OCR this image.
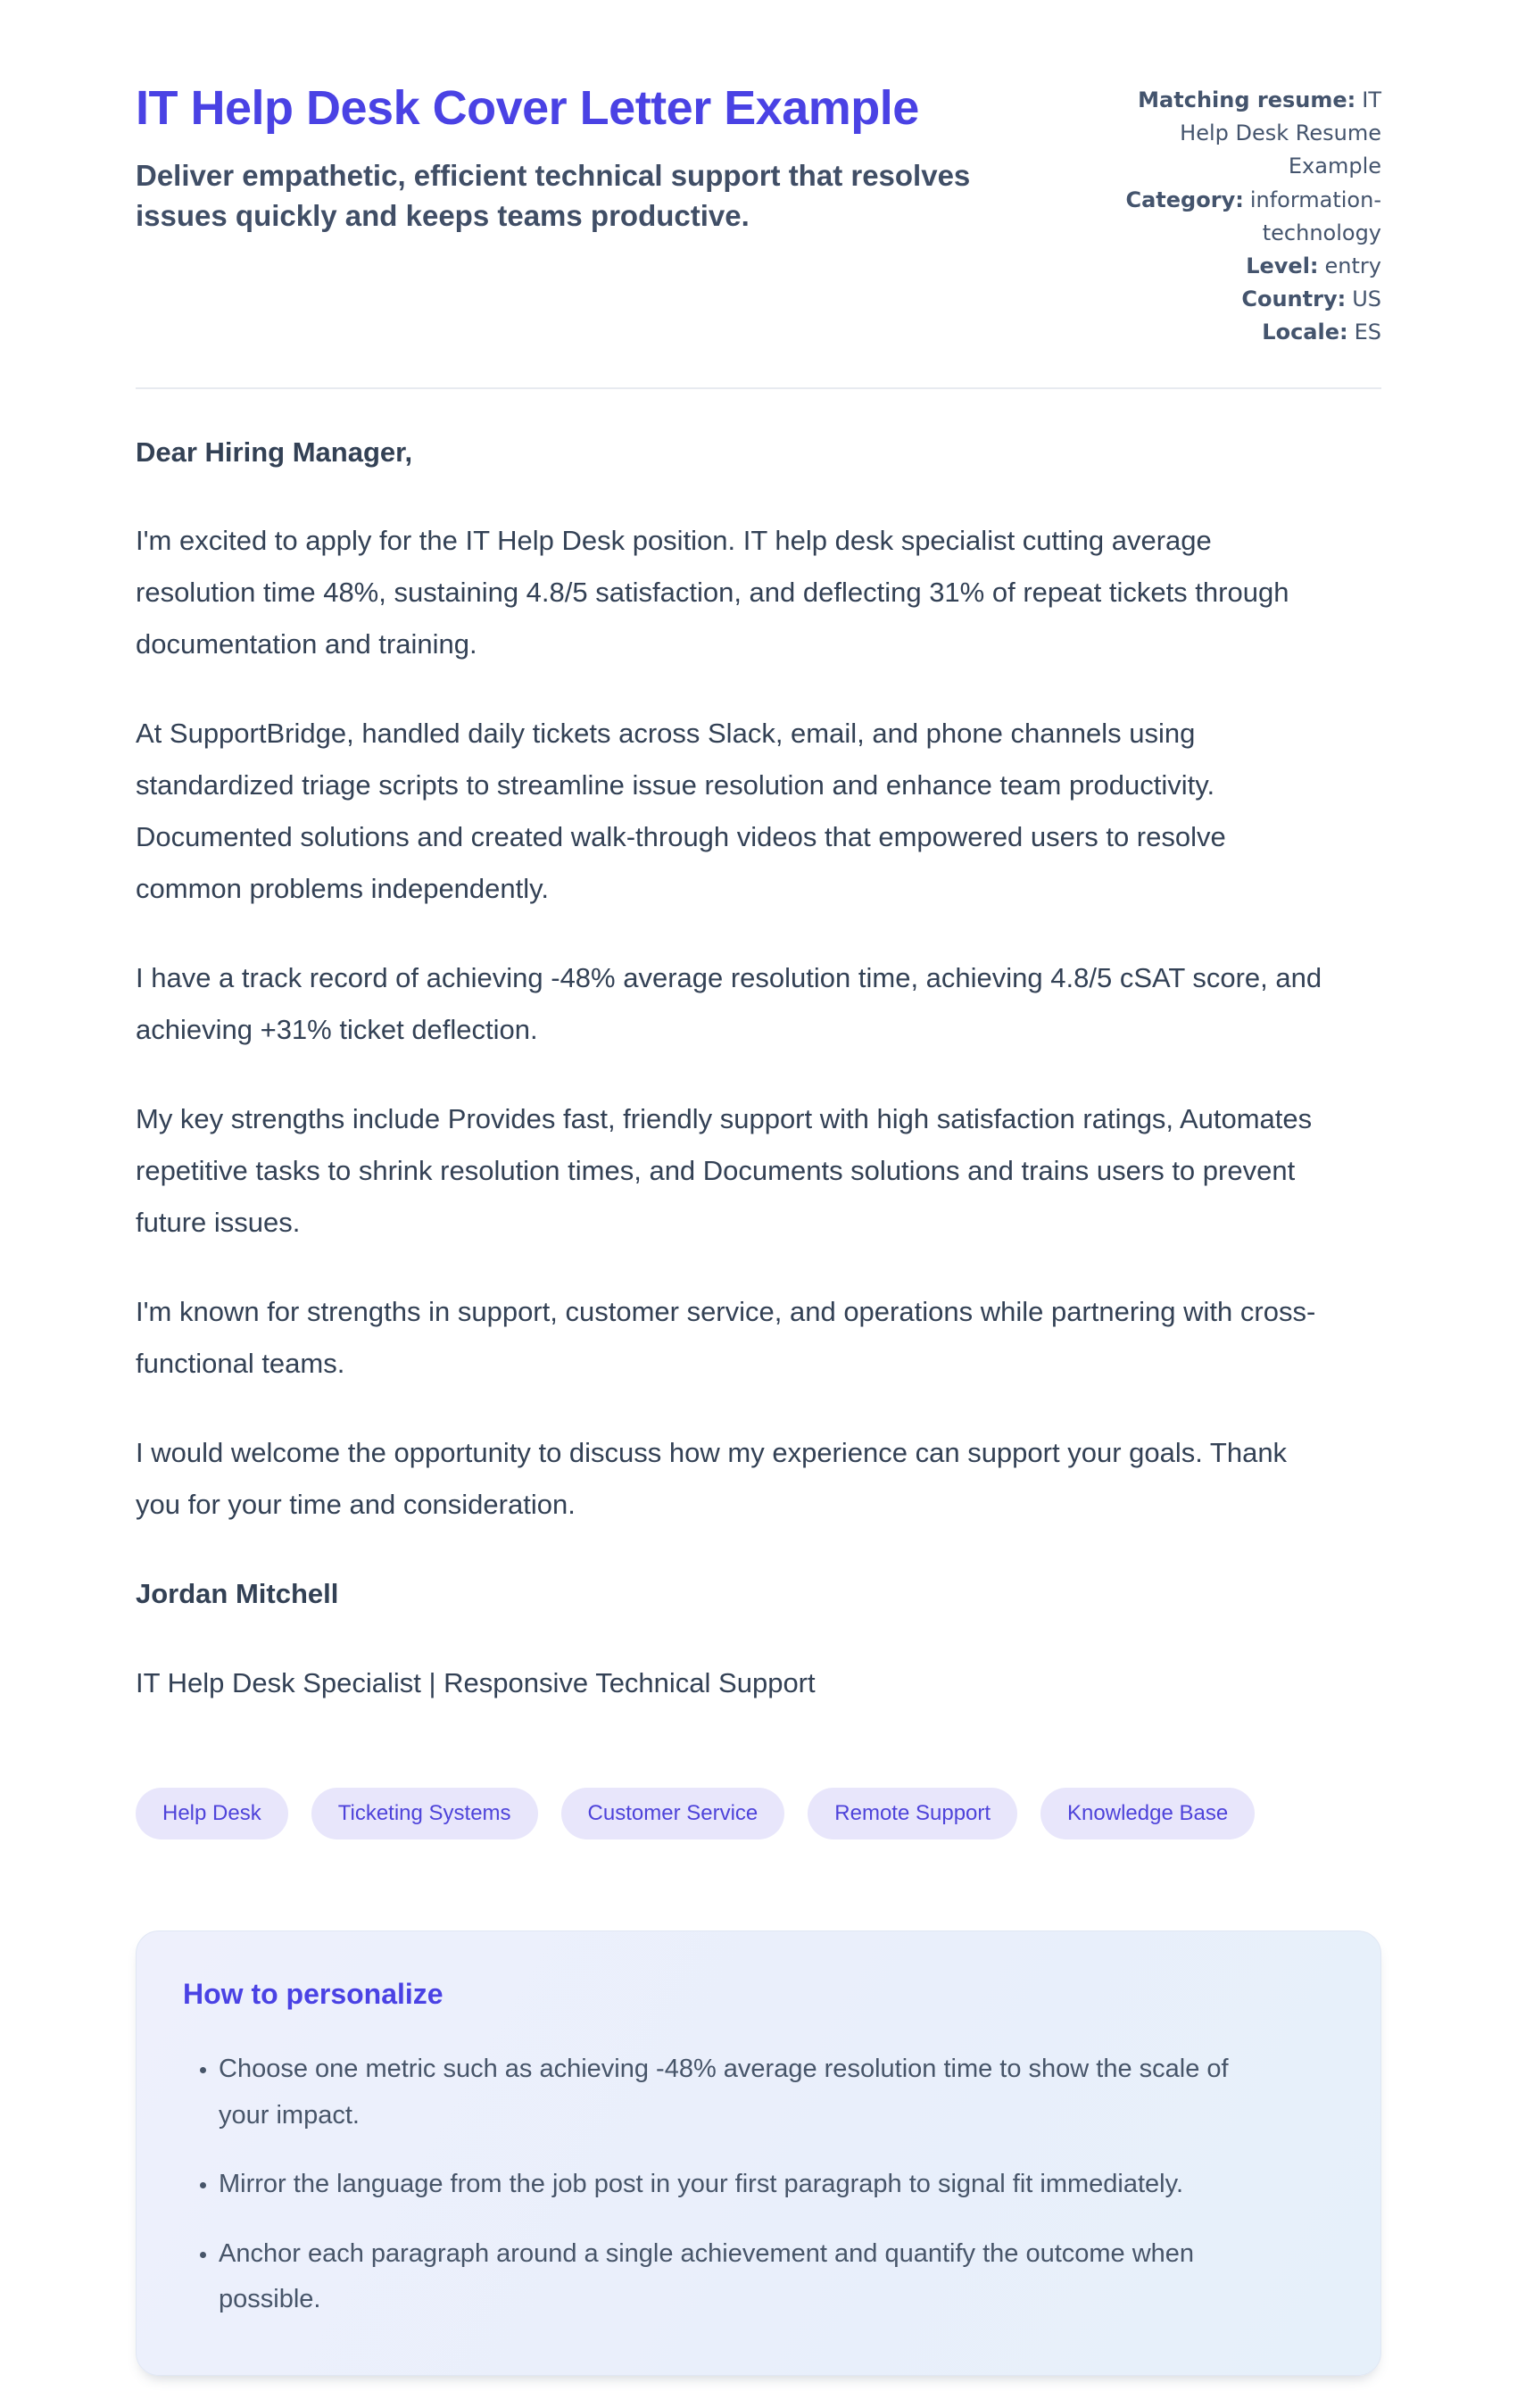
IT Help Desk Cover Letter Example

Deliver empathetic, efficient technical support that resolves issues quickly and keeps teams productive.

Matching resume: IT Help Desk Resume Example
Category: information-technology
Level: entry
Country: US
Locale: ES

Dear Hiring Manager,

I'm excited to apply for the IT Help Desk position. IT help desk specialist cutting average resolution time 48%, sustaining 4.8/5 satisfaction, and deflecting 31% of repeat tickets through documentation and training.

At SupportBridge, handled daily tickets across Slack, email, and phone channels using standardized triage scripts to streamline issue resolution and enhance team productivity. Documented solutions and created walk-through videos that empowered users to resolve common problems independently.

I have a track record of achieving -48% average resolution time, achieving 4.8/5 cSAT score, and achieving +31% ticket deflection.

My key strengths include Provides fast, friendly support with high satisfaction ratings, Automates repetitive tasks to shrink resolution times, and Documents solutions and trains users to prevent future issues.

I'm known for strengths in support, customer service, and operations while partnering with cross-functional teams.

I would welcome the opportunity to discuss how my experience can support your goals. Thank you for your time and consideration.

Jordan Mitchell

IT Help Desk Specialist | Responsive Technical Support

Help Desk	Ticketing Systems	Customer Service	Remote Support	Knowledge Base
How to personalize
• Choose one metric such as achieving -48% average resolution time to show the scale of your impact.
• Mirror the language from the job post in your first paragraph to signal fit immediately.
• Anchor each paragraph around a single achievement and quantify the outcome when possible.
